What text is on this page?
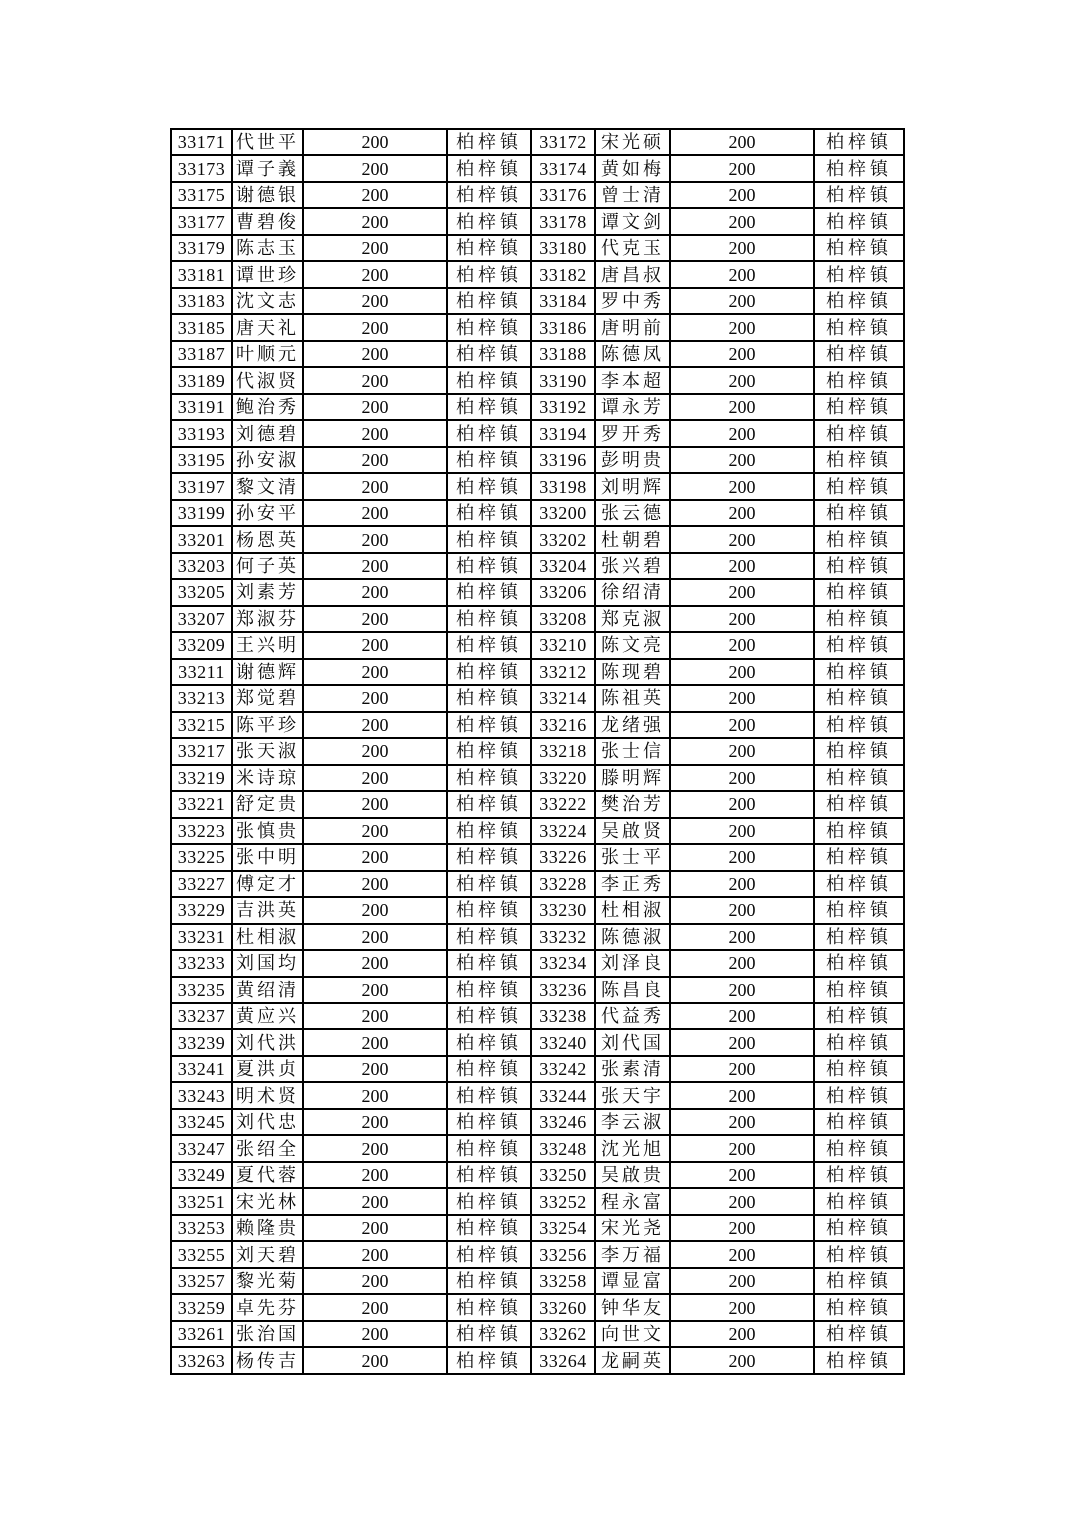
33171	代世平	200	柏梓镇	33172	宋光硕	200	柏梓镇
33173	谭子義	200	柏梓镇	33174	黄如梅	200	柏梓镇
33175	谢德银	200	柏梓镇	33176	曾士清	200	柏梓镇
33177	曹碧俊	200	柏梓镇	33178	谭文剑	200	柏梓镇
33179	陈志玉	200	柏梓镇	33180	代克玉	200	柏梓镇
33181	谭世珍	200	柏梓镇	33182	唐昌叔	200	柏梓镇
33183	沈文志	200	柏梓镇	33184	罗中秀	200	柏梓镇
33185	唐天礼	200	柏梓镇	33186	唐明前	200	柏梓镇
33187	叶顺元	200	柏梓镇	33188	陈德凤	200	柏梓镇
33189	代淑贤	200	柏梓镇	33190	李本超	200	柏梓镇
33191	鲍治秀	200	柏梓镇	33192	谭永芳	200	柏梓镇
33193	刘德碧	200	柏梓镇	33194	罗开秀	200	柏梓镇
33195	孙安淑	200	柏梓镇	33196	彭明贵	200	柏梓镇
33197	黎文清	200	柏梓镇	33198	刘明辉	200	柏梓镇
33199	孙安平	200	柏梓镇	33200	张云德	200	柏梓镇
33201	杨恩英	200	柏梓镇	33202	杜朝碧	200	柏梓镇
33203	何子英	200	柏梓镇	33204	张兴碧	200	柏梓镇
33205	刘素芳	200	柏梓镇	33206	徐绍清	200	柏梓镇
33207	郑淑芬	200	柏梓镇	33208	郑克淑	200	柏梓镇
33209	王兴明	200	柏梓镇	33210	陈文亮	200	柏梓镇
33211	谢德辉	200	柏梓镇	33212	陈现碧	200	柏梓镇
33213	郑觉碧	200	柏梓镇	33214	陈祖英	200	柏梓镇
33215	陈平珍	200	柏梓镇	33216	龙绪强	200	柏梓镇
33217	张天淑	200	柏梓镇	33218	张士信	200	柏梓镇
33219	米诗琼	200	柏梓镇	33220	滕明辉	200	柏梓镇
33221	舒定贵	200	柏梓镇	33222	樊治芳	200	柏梓镇
33223	张慎贵	200	柏梓镇	33224	吴啟贤	200	柏梓镇
33225	张中明	200	柏梓镇	33226	张士平	200	柏梓镇
33227	傅定才	200	柏梓镇	33228	李正秀	200	柏梓镇
33229	吉洪英	200	柏梓镇	33230	杜相淑	200	柏梓镇
33231	杜相淑	200	柏梓镇	33232	陈德淑	200	柏梓镇
33233	刘国均	200	柏梓镇	33234	刘泽良	200	柏梓镇
33235	黄绍清	200	柏梓镇	33236	陈昌良	200	柏梓镇
33237	黄应兴	200	柏梓镇	33238	代益秀	200	柏梓镇
33239	刘代洪	200	柏梓镇	33240	刘代国	200	柏梓镇
33241	夏洪贞	200	柏梓镇	33242	张素清	200	柏梓镇
33243	明术贤	200	柏梓镇	33244	张天宇	200	柏梓镇
33245	刘代忠	200	柏梓镇	33246	李云淑	200	柏梓镇
33247	张绍全	200	柏梓镇	33248	沈光旭	200	柏梓镇
33249	夏代蓉	200	柏梓镇	33250	吴啟贵	200	柏梓镇
33251	宋光林	200	柏梓镇	33252	程永富	200	柏梓镇
33253	赖隆贵	200	柏梓镇	33254	宋光尧	200	柏梓镇
33255	刘天碧	200	柏梓镇	33256	李万福	200	柏梓镇
33257	黎光菊	200	柏梓镇	33258	谭显富	200	柏梓镇
33259	卓先芬	200	柏梓镇	33260	钟华友	200	柏梓镇
33261	张治国	200	柏梓镇	33262	向世文	200	柏梓镇
33263	杨传吉	200	柏梓镇	33264	龙嗣英	200	柏梓镇
